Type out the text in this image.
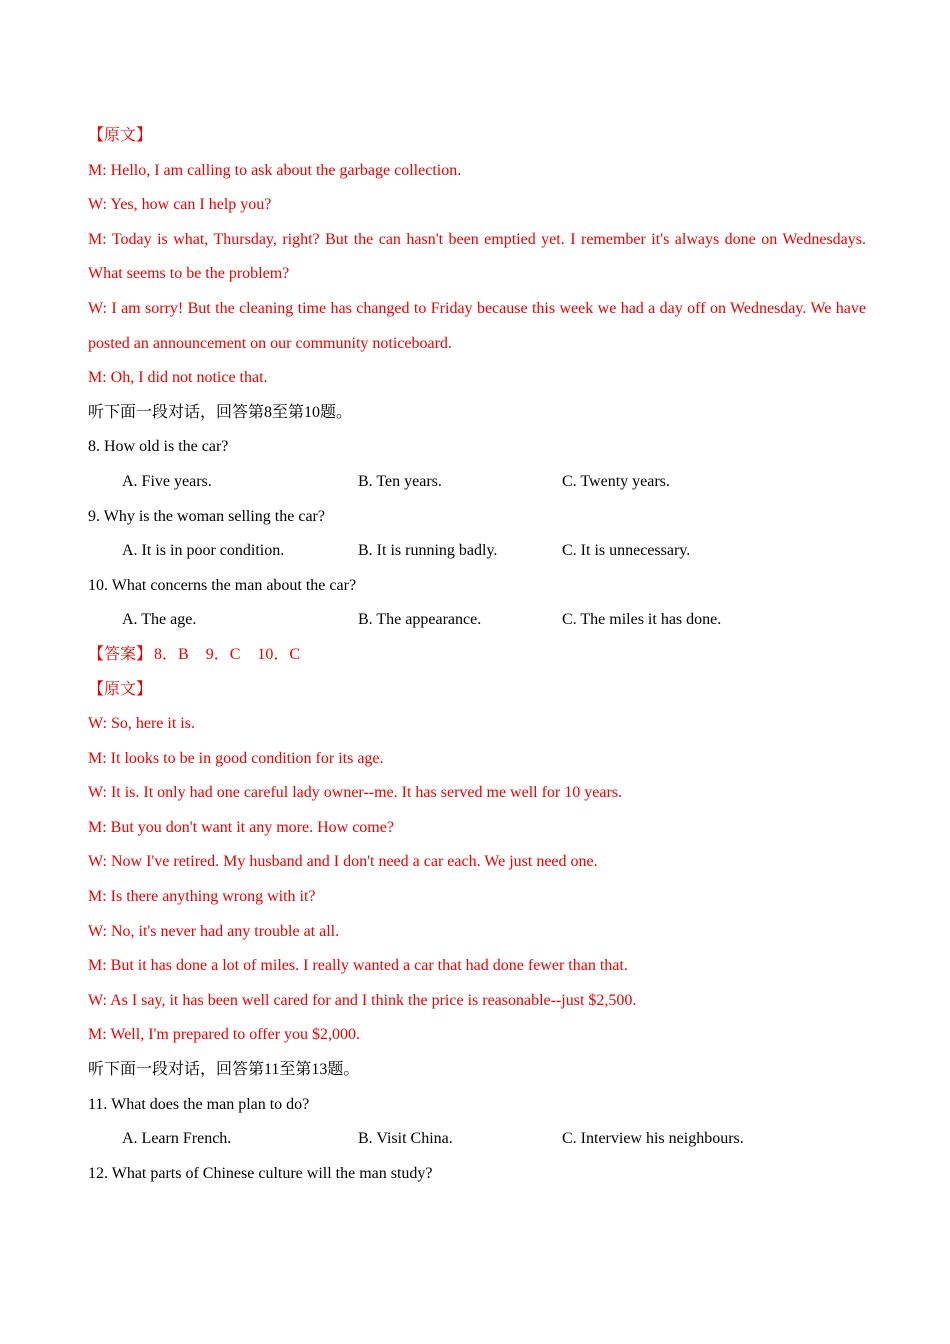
【原文】

M: Hello, I am calling to ask about the garbage collection.

W: Yes, how can I help you?

M: Today is what, Thursday, right? But the can hasn't been emptied yet. I remember it's always done on Wednesdays. What seems to be the problem?

W: I am sorry! But the cleaning time has changed to Friday because this week we had a day off on Wednesday. We have posted an announcement on our community noticeboard.

M: Oh, I did not notice that.

听下面一段对话，回答第8至第10题。

8. How old is the car?

A. Five years.	B. Ten years.	C. Twenty years.

9. Why is the woman selling the car?

A. It is in poor condition.	B. It is running badly.	C. It is unnecessary.

10. What concerns the man about the car?

A. The age.	B. The appearance.	C. The miles it has done.

【答案】 8．B 9．C 10．C

【原文】

W: So, here it is.

M: It looks to be in good condition for its age.

W: It is. It only had one careful lady owner--me. It has served me well for 10 years.

M: But you don't want it any more. How come?

W: Now I've retired. My husband and I don't need a car each. We just need one.

M: Is there anything wrong with it?

W: No, it's never had any trouble at all.

M: But it has done a lot of miles. I really wanted a car that had done fewer than that.

W: As I say, it has been well cared for and I think the price is reasonable--just $2,500.

M: Well, I'm prepared to offer you $2,000.

听下面一段对话，回答第11至第13题。

11. What does the man plan to do?

A. Learn French.	B. Visit China.	C. Interview his neighbours.

12. What parts of Chinese culture will the man study?
